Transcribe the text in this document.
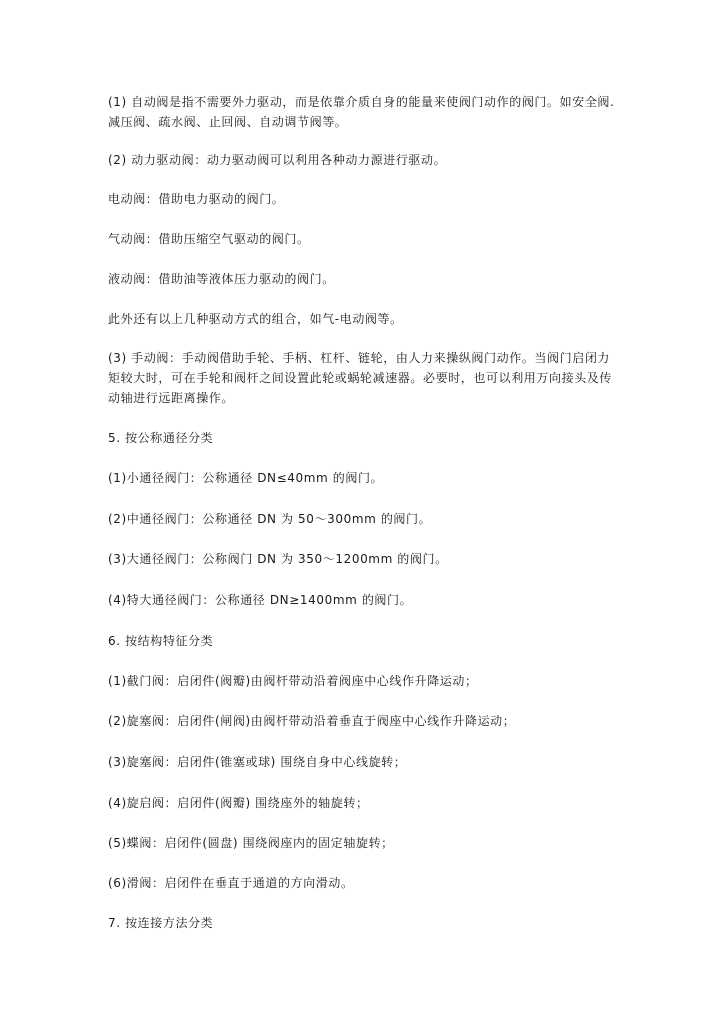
(1) 自动阀是指不需要外力驱动，而是依靠介质自身的能量来使阀门动作的阀门。如安全阀.减压阀、疏水阀、止回阀、自动调节阀等。

(2) 动力驱动阀：动力驱动阀可以利用各种动力源进行驱动。

电动阀：借助电力驱动的阀门。

气动阀：借助压缩空气驱动的阀门。

液动阀：借助油等液体压力驱动的阀门。

此外还有以上几种驱动方式的组合，如气-电动阀等。

(3) 手动阀：手动阀借助手轮、手柄、杠杆、链轮，由人力来操纵阀门动作。当阀门启闭力矩较大时，可在手轮和阀杆之间设置此轮或蜗轮减速器。必要时，也可以利用万向接头及传动轴进行远距离操作。

5. 按公称通径分类

(1)小通径阀门：公称通径 DN≤40mm 的阀门。

(2)中通径阀门：公称通径 DN 为 50～300mm 的阀门。

(3)大通径阀门：公称阀门 DN 为 350～1200mm 的阀门。

(4)特大通径阀门：公称通径 DN≥1400mm 的阀门。

6. 按结构特征分类

(1)截门阀：启闭件(阀瓣)由阀杆带动沿着阀座中心线作升降运动；

(2)旋塞阀：启闭件(闸阀)由阀杆带动沿着垂直于阀座中心线作升降运动；

(3)旋塞阀：启闭件(锥塞或球) 围绕自身中心线旋转；

(4)旋启阀：启闭件(阀瓣) 围绕座外的轴旋转；

(5)蝶阀：启闭件(圆盘) 围绕阀座内的固定轴旋转；

(6)滑阀：启闭件在垂直于通道的方向滑动。

7. 按连接方法分类
